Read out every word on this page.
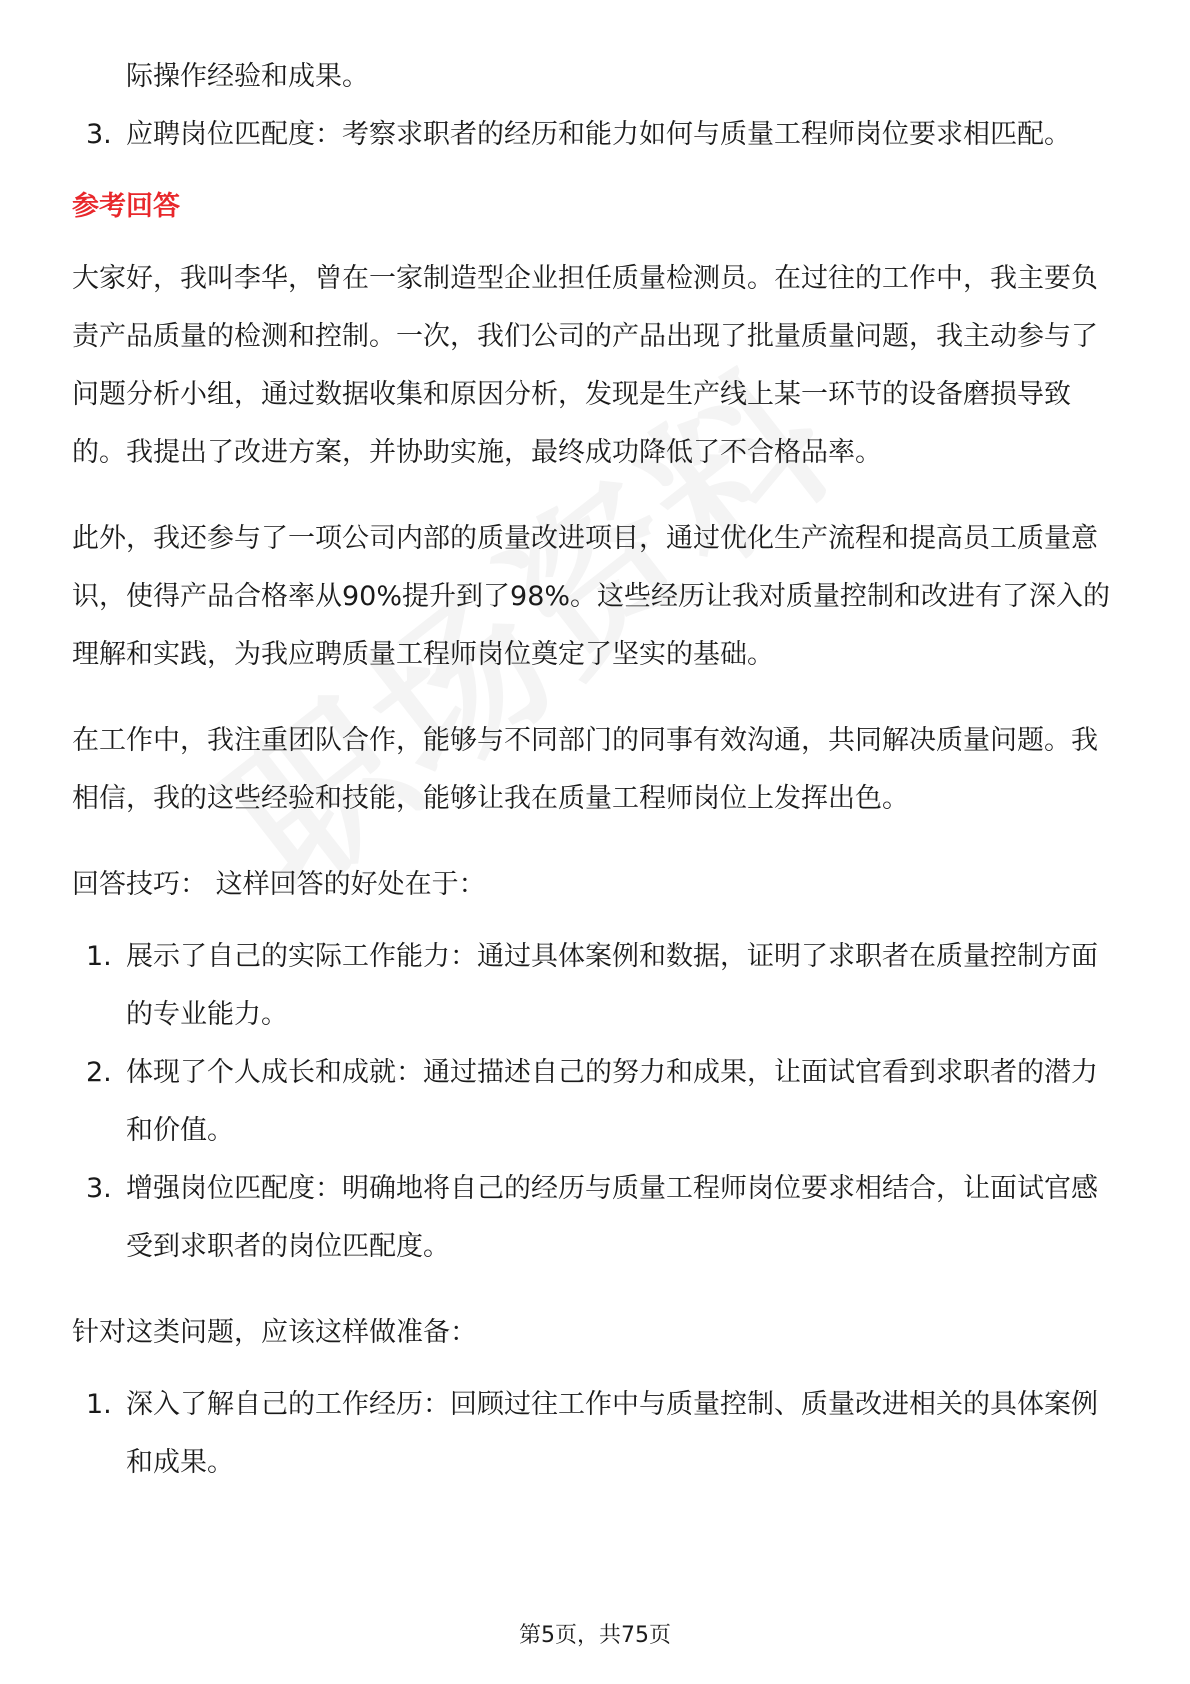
际操作经验和成果。

3. 应聘岗位匹配度：考察求职者的经历和能力如何与质量工程师岗位要求相匹配。

参考回答

大家好，我叫李华，曾在一家制造型企业担任质量检测员。在过往的工作中，我主要负责产品质量的检测和控制。一次，我们公司的产品出现了批量质量问题，我主动参与了问题分析小组，通过数据收集和原因分析，发现是生产线上某一环节的设备磨损导致的。我提出了改进方案，并协助实施，最终成功降低了不合格品率。

此外，我还参与了一项公司内部的质量改进项目，通过优化生产流程和提高员工质量意识，使得产品合格率从90%提升到了98%。这些经历让我对质量控制和改进有了深入的理解和实践，为我应聘质量工程师岗位奠定了坚实的基础。

在工作中，我注重团队合作，能够与不同部门的同事有效沟通，共同解决质量问题。我相信，我的这些经验和技能，能够让我在质量工程师岗位上发挥出色。

回答技巧： 这样回答的好处在于：

1. 展示了自己的实际工作能力：通过具体案例和数据，证明了求职者在质量控制方面的专业能力。
2. 体现了个人成长和成就：通过描述自己的努力和成果，让面试官看到求职者的潜力和价值。
3. 增强岗位匹配度：明确地将自己的经历与质量工程师岗位要求相结合，让面试官感受到求职者的岗位匹配度。

针对这类问题，应该这样做准备：

1. 深入了解自己的工作经历：回顾过往工作中与质量控制、质量改进相关的具体案例和成果。
第5页，共75页
